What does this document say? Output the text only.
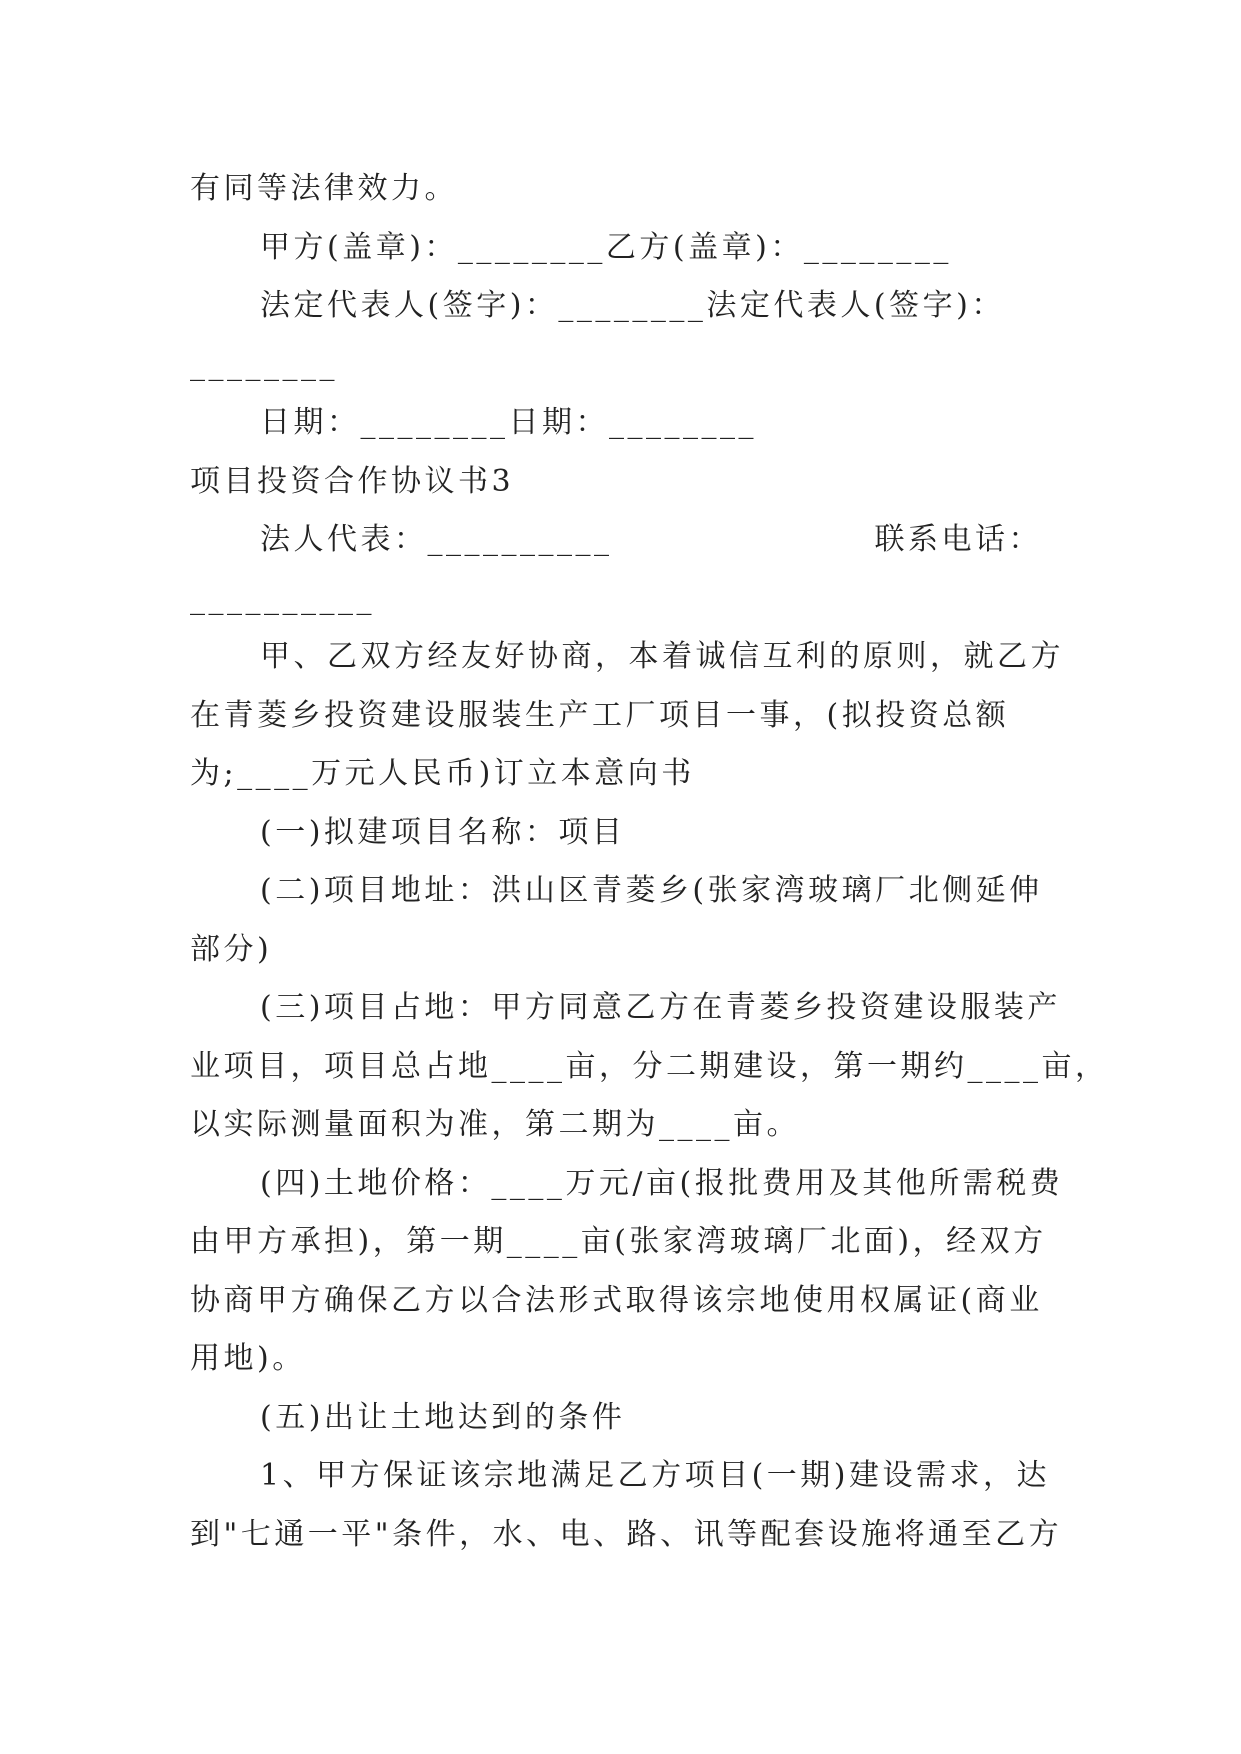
有同等法律效力。

甲方(盖章)：________乙方(盖章)：________

法定代表人(签字)：________法定代表人(签字)：

________

日期：________日期：________

项目投资合作协议书3

法人代表：__________	联系电话：

__________

甲、乙双方经友好协商，本着诚信互利的原则，就乙方

在青菱乡投资建设服装生产工厂项目一事，(拟投资总额

为;____万元人民币)订立本意向书

(一)拟建项目名称：项目

(二)项目地址：洪山区青菱乡(张家湾玻璃厂北侧延伸

部分)

(三)项目占地：甲方同意乙方在青菱乡投资建设服装产

业项目，项目总占地____亩，分二期建设，第一期约____亩，

以实际测量面积为准，第二期为____亩。

(四)土地价格：____万元/亩(报批费用及其他所需税费

由甲方承担)，第一期____亩(张家湾玻璃厂北面)，经双方

协商甲方确保乙方以合法形式取得该宗地使用权属证(商业

用地)。

(五)出让土地达到的条件

1、甲方保证该宗地满足乙方项目(一期)建设需求，达

到"七通一平"条件，水、电、路、讯等配套设施将通至乙方
